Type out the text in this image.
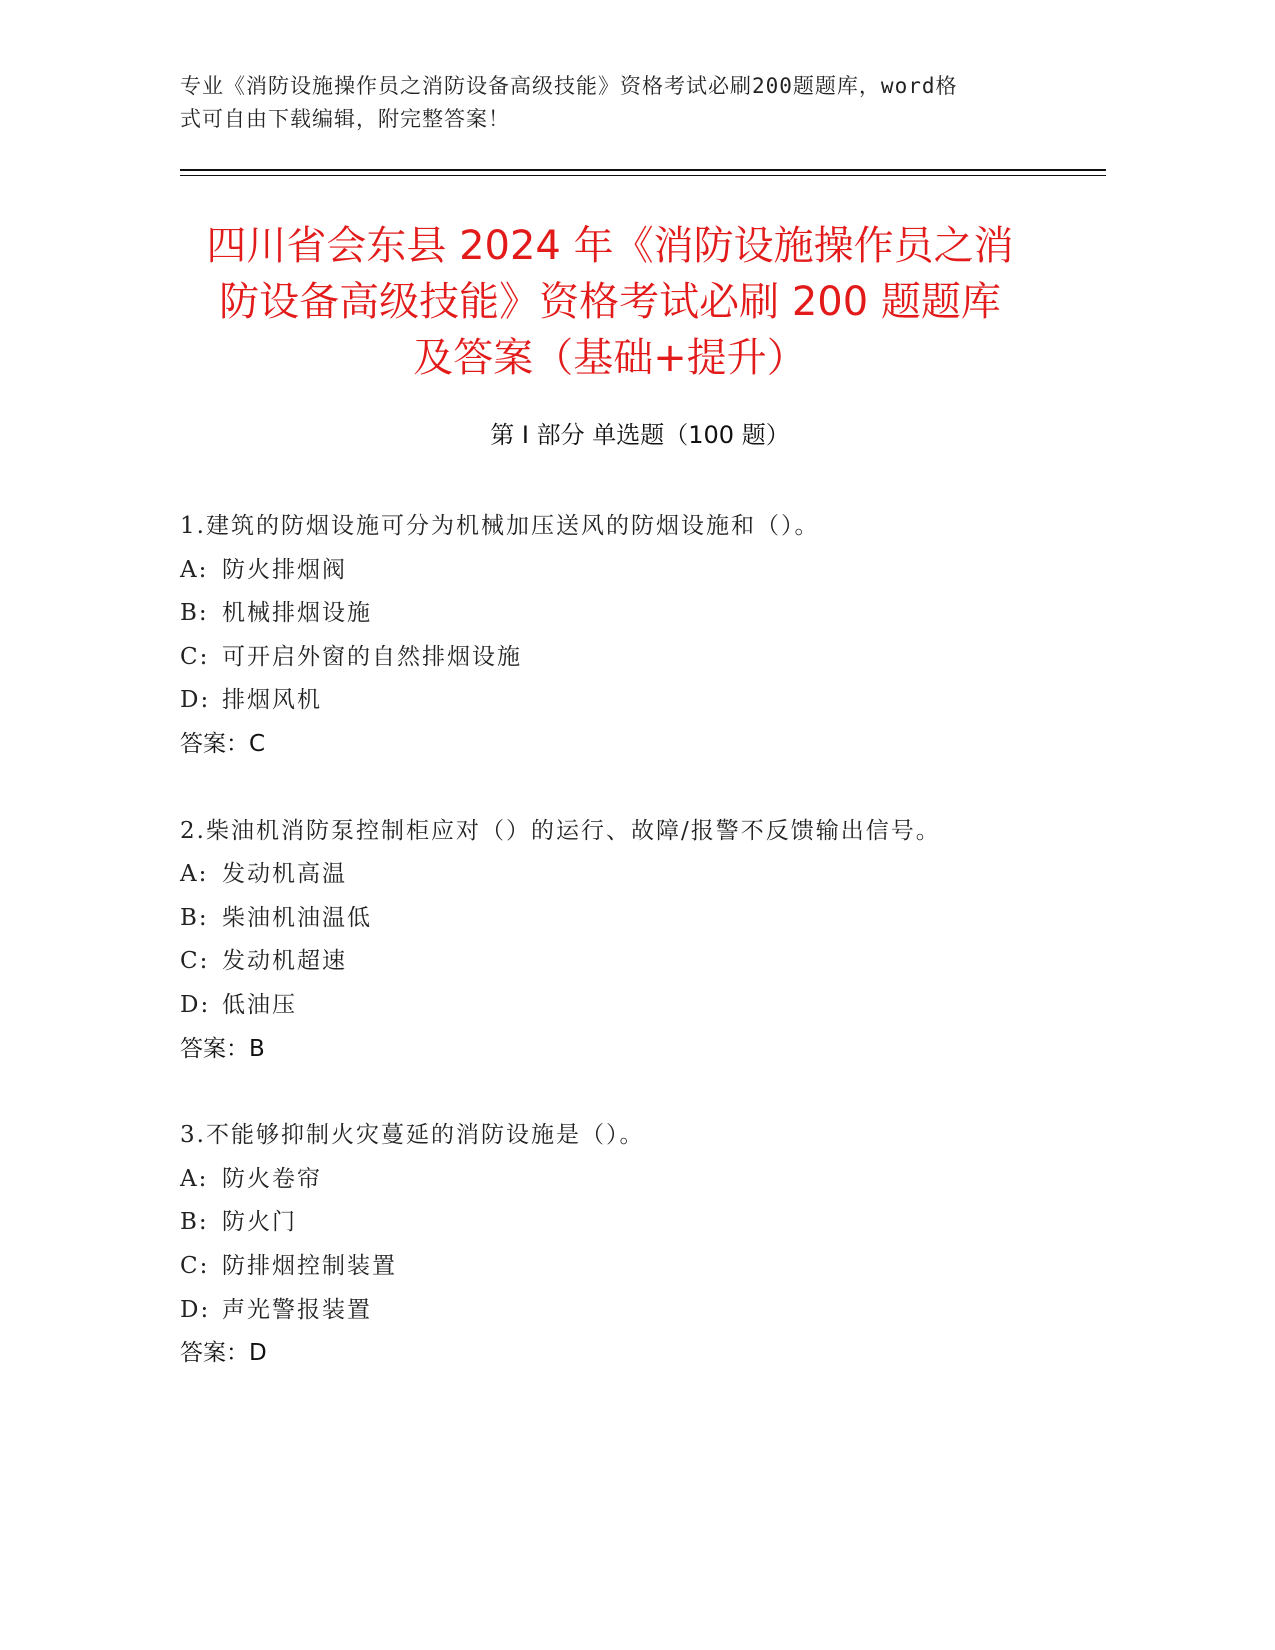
专业《消防设施操作员之消防设备高级技能》资格考试必刷200题题库，word格
式可自由下载编辑，附完整答案！
四川省会东县 2024 年《消防设施操作员之消
防设备高级技能》资格考试必刷 200 题题库
及答案（基础+提升）
第 I 部分 单选题（100 题）
1.建筑的防烟设施可分为机械加压送风的防烟设施和（）。
A: 防火排烟阀
B: 机械排烟设施
C: 可开启外窗的自然排烟设施
D: 排烟风机
答案：C
2.柴油机消防泵控制柜应对（）的运行、故障/报警不反馈输出信号。
A: 发动机高温
B: 柴油机油温低
C: 发动机超速
D: 低油压
答案：B
3.不能够抑制火灾蔓延的消防设施是（）。
A: 防火卷帘
B: 防火门
C: 防排烟控制装置
D: 声光警报装置
答案：D
